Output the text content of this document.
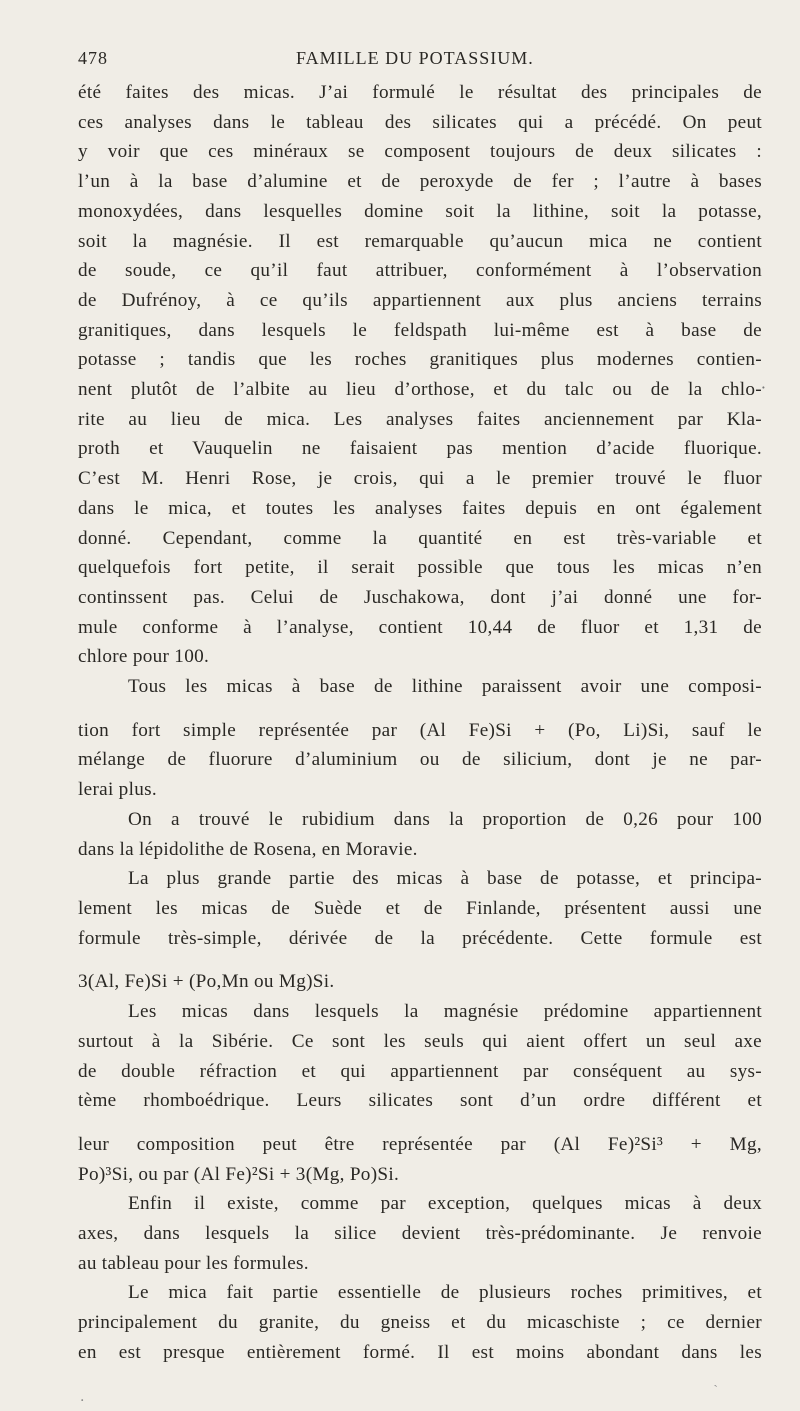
478	FAMILLE DU POTASSIUM.
été faites des micas. J’ai formulé le résultat des principales de
ces analyses dans le tableau des silicates qui a précédé. On peut
y voir que ces minéraux se composent toujours de deux silicates :
l’un à la base d’alumine et de peroxyde de fer ; l’autre à bases
monoxydées, dans lesquelles domine soit la lithine, soit la potasse,
soit la magnésie. Il est remarquable qu’aucun mica ne contient
de soude, ce qu’il faut attribuer, conformément à l’observation
de Dufrénoy, à ce qu’ils appartiennent aux plus anciens terrains
granitiques, dans lesquels le feldspath lui-même est à base de
potasse ; tandis que les roches granitiques plus modernes contien-
nent plutôt de l’albite au lieu d’orthose, et du talc ou de la chlo-
rite au lieu de mica. Les analyses faites anciennement par Kla-
proth et Vauquelin ne faisaient pas mention d’acide fluorique.
C’est M. Henri Rose, je crois, qui a le premier trouvé le fluor
dans le mica, et toutes les analyses faites depuis en ont également
donné. Cependant, comme la quantité en est très-variable et
quelquefois fort petite, il serait possible que tous les micas n’en
continssent pas. Celui de Juschakowa, dont j’ai donné une for-
mule conforme à l’analyse, contient 10,44 de fluor et 1,31 de
chlore pour 100.
Tous les micas à base de lithine paraissent avoir une composi-
tion fort simple représentée par (Al Fe)Si + (Po, Li)Si, sauf le
mélange de fluorure d’aluminium ou de silicium, dont je ne par-
lerai plus.
On a trouvé le rubidium dans la proportion de 0,26 pour 100
dans la lépidolithe de Rosena, en Moravie.
La plus grande partie des micas à base de potasse, et principa-
lement les micas de Suède et de Finlande, présentent aussi une
formule très-simple, dérivée de la précédente. Cette formule est
3(Al, Fe)Si + (Po,Mn ou Mg)Si.
Les micas dans lesquels la magnésie prédomine appartiennent
surtout à la Sibérie. Ce sont les seuls qui aient offert un seul axe
de double réfraction et qui appartiennent par conséquent au sys-
tème rhomboédrique. Leurs silicates sont d’un ordre différent et
leur composition peut être représentée par (Al Fe)²Si³ + Mg,
Po)³Si, ou par (Al Fe)²Si + 3(Mg, Po)Si.
Enfin il existe, comme par exception, quelques micas à deux
axes, dans lesquels la silice devient très-prédominante. Je renvoie
au tableau pour les formules.
Le mica fait partie essentielle de plusieurs roches primitives, et
principalement du granite, du gneiss et du micaschiste ; ce dernier
en est presque entièrement formé. Il est moins abondant dans les
·
·
ˎ
